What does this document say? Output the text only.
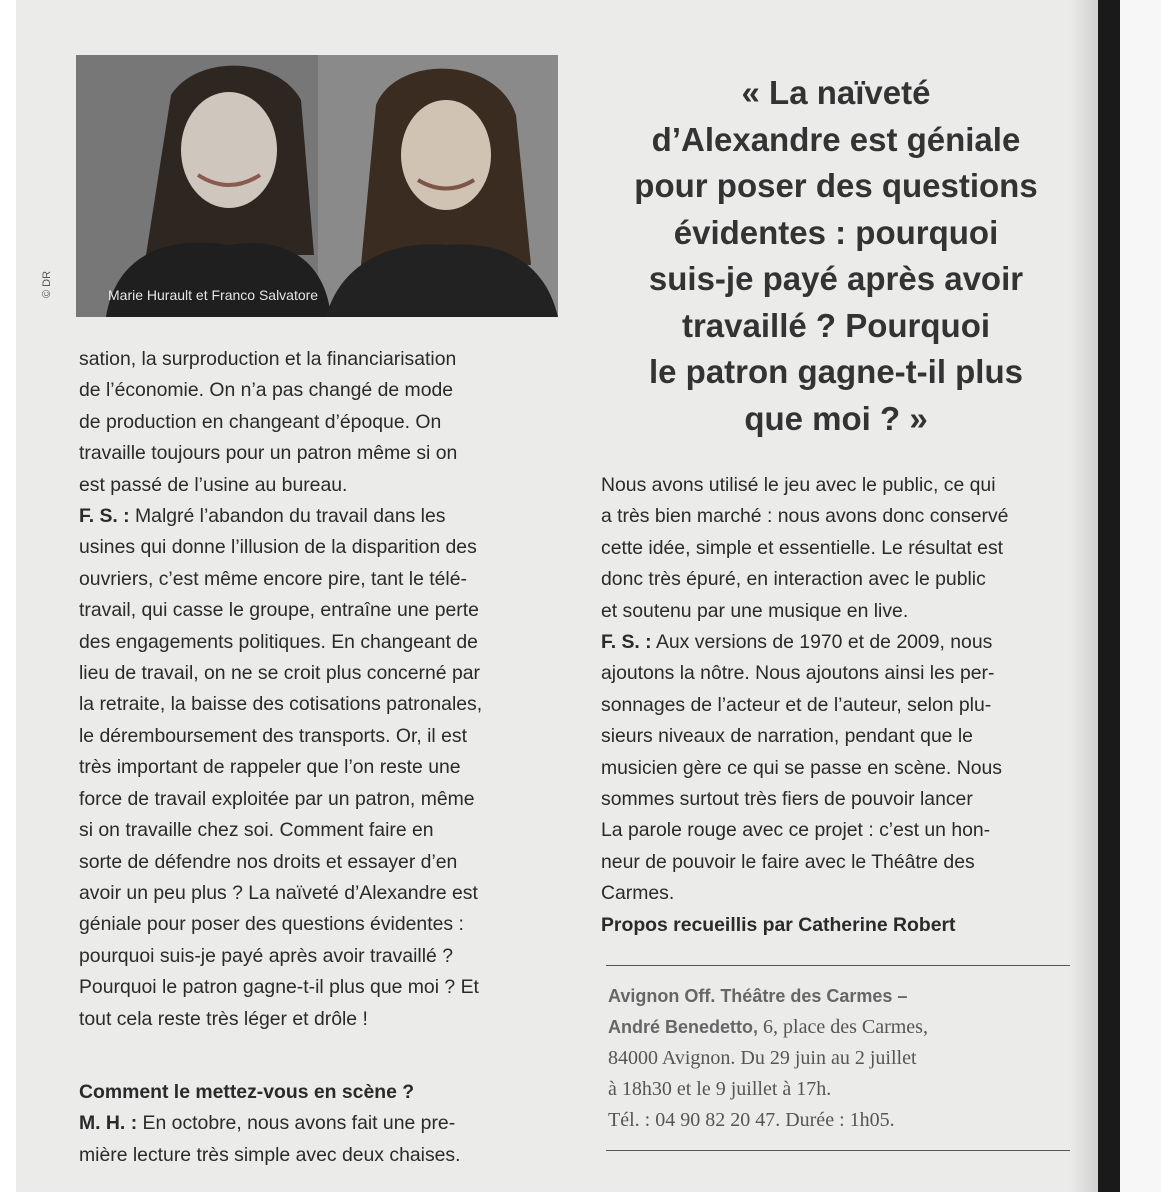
Marie Hurault et Franco Salvatore
© DR

sation, la surproduction et la financiarisation
de l’économie. On n’a pas changé de mode
de production en changeant d’époque. On
travaille toujours pour un patron même si on
est passé de l’usine au bureau.

F. S. : Malgré l’abandon du travail dans les
usines qui donne l’illusion de la disparition des
ouvriers, c’est même encore pire, tant le télé-
travail, qui casse le groupe, entraîne une perte
des engagements politiques. En changeant de
lieu de travail, on ne se croit plus concerné par
la retraite, la baisse des cotisations patronales,
le déremboursement des transports. Or, il est
très important de rappeler que l’on reste une
force de travail exploitée par un patron, même
si on travaille chez soi. Comment faire en
sorte de défendre nos droits et essayer d’en
avoir un peu plus ? La naïveté d’Alexandre est
géniale pour poser des questions évidentes :
pourquoi suis-je payé après avoir travaillé ?
Pourquoi le patron gagne-t-il plus que moi ? Et
tout cela reste très léger et drôle !

Comment le mettez-vous en scène ?

M. H. : En octobre, nous avons fait une pre-
mière lecture très simple avec deux chaises.

« La naïveté
d’Alexandre est géniale
pour poser des questions
évidentes : pourquoi
suis-je payé après avoir
travaillé ? Pourquoi
le patron gagne-t-il plus
que moi ? »

Nous avons utilisé le jeu avec le public, ce qui
a très bien marché : nous avons donc conservé
cette idée, simple et essentielle. Le résultat est
donc très épuré, en interaction avec le public
et soutenu par une musique en live.

F. S. : Aux versions de 1970 et de 2009, nous
ajoutons la nôtre. Nous ajoutons ainsi les per-
sonnages de l’acteur et de l’auteur, selon plu-
sieurs niveaux de narration, pendant que le
musicien gère ce qui se passe en scène. Nous
sommes surtout très fiers de pouvoir lancer
La parole rouge avec ce projet : c’est un hon-
neur de pouvoir le faire avec le Théâtre des
Carmes.

Propos recueillis par Catherine Robert

Avignon Off. Théâtre des Carmes –
André Benedetto, 6, place des Carmes,
84000 Avignon. Du 29 juin au 2 juillet
à 18h30 et le 9 juillet à 17h.
Tél. : 04 90 82 20 47. Durée : 1h05.
